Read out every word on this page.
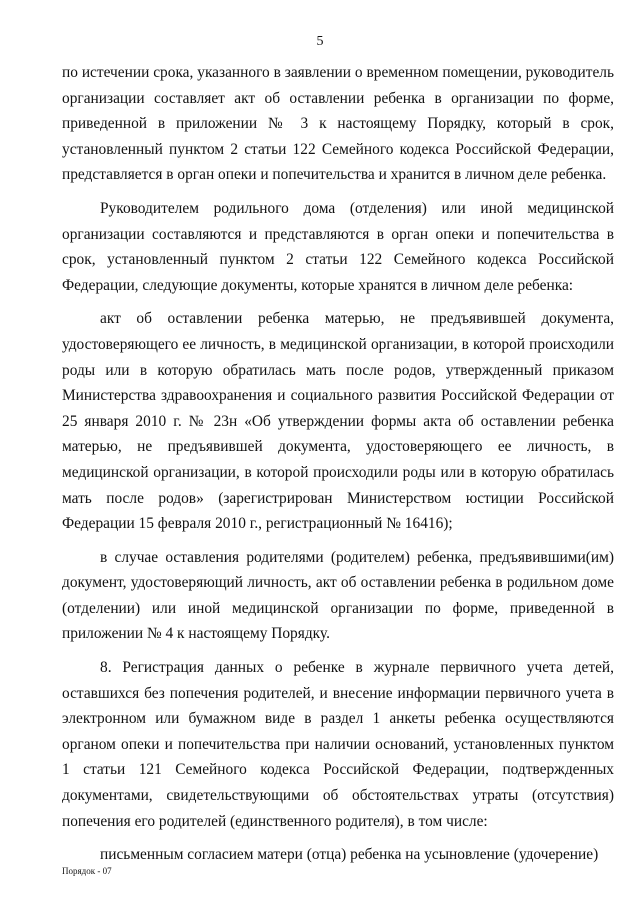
5

по истечении срока, указанного в заявлении о временном помещении, руководитель организации составляет акт об оставлении ребенка в организации по форме, приведенной в приложении № 3 к настоящему Порядку, который в срок, установленный пунктом 2 статьи 122 Семейного кодекса Российской Федерации, представляется в орган опеки и попечительства и хранится в личном деле ребенка.

Руководителем родильного дома (отделения) или иной медицинской организации составляются и представляются в орган опеки и попечительства в срок, установленный пунктом 2 статьи 122 Семейного кодекса Российской Федерации, следующие документы, которые хранятся в личном деле ребенка:

акт об оставлении ребенка матерью, не предъявившей документа, удостоверяющего ее личность, в медицинской организации, в которой происходили роды или в которую обратилась мать после родов, утвержденный приказом Министерства здравоохранения и социального развития Российской Федерации от 25 января 2010 г. № 23н «Об утверждении формы акта об оставлении ребенка матерью, не предъявившей документа, удостоверяющего ее личность, в медицинской организации, в которой происходили роды или в которую обратилась мать после родов» (зарегистрирован Министерством юстиции Российской Федерации 15 февраля 2010 г., регистрационный № 16416);

в случае оставления родителями (родителем) ребенка, предъявившими(им) документ, удостоверяющий личность, акт об оставлении ребенка в родильном доме (отделении) или иной медицинской организации по форме, приведенной в приложении № 4 к настоящему Порядку.

8. Регистрация данных о ребенке в журнале первичного учета детей, оставшихся без попечения родителей, и внесение информации первичного учета в электронном или бумажном виде в раздел 1 анкеты ребенка осуществляются органом опеки и попечительства при наличии оснований, установленных пунктом 1 статьи 121 Семейного кодекса Российской Федерации, подтвержденных документами, свидетельствующими об обстоятельствах утраты (отсутствия) попечения его родителей (единственного родителя), в том числе:

письменным согласием матери (отца) ребенка на усыновление (удочерение)

Порядок - 07
